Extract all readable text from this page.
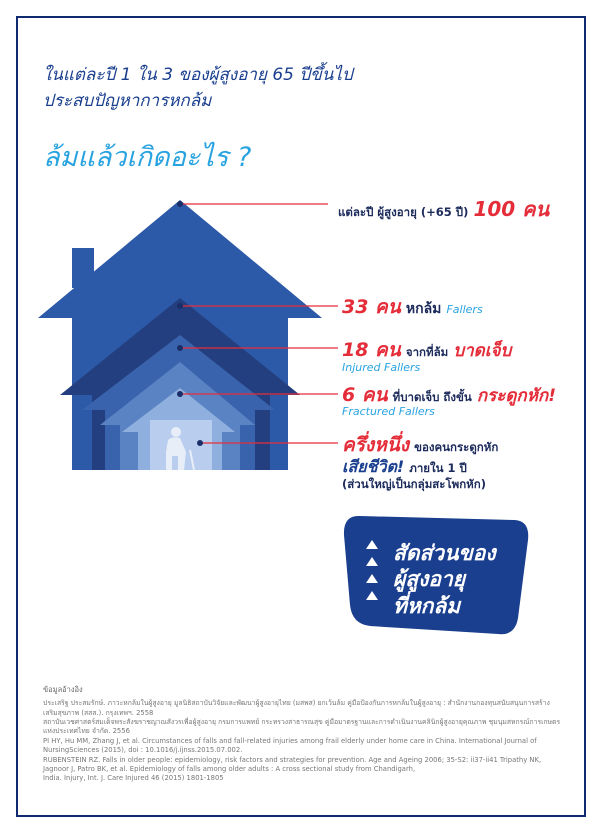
ในแต่ละปี 1 ใน 3 ของผู้สูงอายุ 65 ปีขึ้นไป
ประสบปัญหาการหกล้ม
ล้มแล้วเกิดอะไร ?
แต่ละปี ผู้สูงอายุ (+65 ปี) 100 คน
33 คน หกล้ม Fallers
18 คน จากที่ล้ม บาดเจ็บ
Injured Fallers
6 คน ที่บาดเจ็บ ถึงขั้น กระดูกหัก!
Fractured Fallers
ครึ่งหนึ่ง ของคนกระดูกหัก
เสียชีวิต! ภายใน 1 ปี
(ส่วนใหญ่เป็นกลุ่มสะโพกหัก)
สัดส่วนของ
ผู้สูงอายุ
ที่หกล้ม
ข้อมูลอ้างอิง
ประเสริฐ ประสมรักษ์. ภาวะหกล้มในผู้สูงอายุ มูลนิธิสถาบันวิจัยและพัฒนาผู้สูงอายุไทย (มสพส) ยกเว้นล้ม คู่มือป้องกันการหกล้มในผู้สูงอายุ : สำนักงานกองทุนสนับสนุนการสร้างเสริมสุขภาพ (สสส.). กรุงเทพฯ. 2558
สถาบันเวชศาสตร์สมเด็จพระสังฆราชญาณสังวรเพื่อผู้สูงอายุ กรมการแพทย์ กระทรวงสาธารณสุข คู่มือมาตรฐานและการดำเนินงานคลินิกผู้สูงอายุคุณภาพ ชุมนุมสหกรณ์การเกษตรแห่งประเทศไทย จำกัด. 2556
PI HY, Hu MM, Zhang J, et al. Circumstances of falls and fall-related injuries among frail elderly under home care in China. International Journal of NursingSciences (2015), doi : 10.1016/j.ijnss.2015.07.002.
RUBENSTEIN RZ. Falls in older people: epidemiology, risk factors and strategies for prevention. Age and Ageing 2006; 35-S2: ii37-ii41 Tripathy NK, Jagnoor J, Patro BK, et al. Epidemiology of falls among older adults : A cross sectional study from Chandigarh,
India. Injury, Int. J. Care Injured 46 (2015) 1801-1805
